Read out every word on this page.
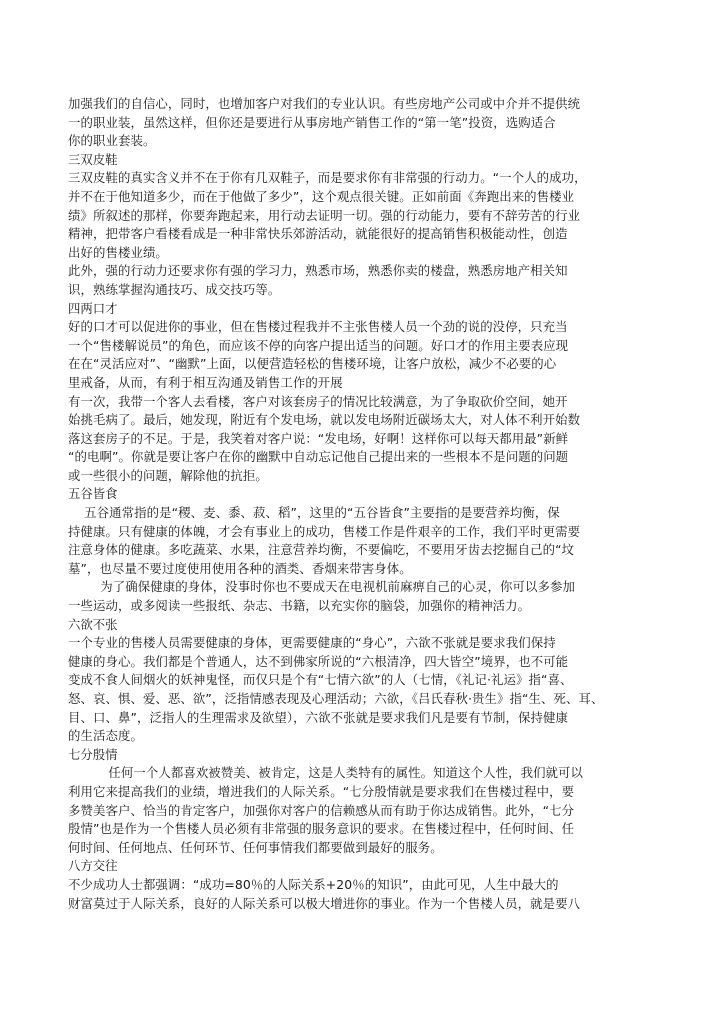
加强我们的自信心，同时，也增加客户对我们的专业认识。有些房地产公司或中介并不提供统
一的职业装，虽然这样，但你还是要进行从事房地产销售工作的“第一笔”投资，选购适合
你的职业套装。
三双皮鞋
三双皮鞋的真实含义并不在于你有几双鞋子，而是要求你有非常强的行动力。“一个人的成功，
并不在于他知道多少，而在于他做了多少”，这个观点很关键。正如前面《奔跑出来的售楼业
绩》所叙述的那样，你要奔跑起来，用行动去证明一切。强的行动能力，要有不辞劳苦的行业
精神，把带客户看楼看成是一种非常快乐郊游活动，就能很好的提高销售积极能动性，创造
出好的售楼业绩。
此外，强的行动力还要求你有强的学习力，熟悉市场，熟悉你卖的楼盘，熟悉房地产相关知
识，熟练掌握沟通技巧、成交技巧等。
四两口才
好的口才可以促进你的事业，但在售楼过程我并不主张售楼人员一个劲的说的没停，只充当
一个“售楼解说员”的角色，而应该不停的向客户提出适当的问题。好口才的作用主要表应现
在在“灵活应对”、“幽默”上面，以便营造轻松的售楼环境，让客户放松，减少不必要的心
里戒备，从而，有利于相互沟通及销售工作的开展
有一次，我带一个客人去看楼，客户对该套房子的情况比较满意，为了争取砍价空间，她开
始挑毛病了。最后，她发现，附近有个发电场，就以发电场附近碳场太大，对人体不利开始数
落这套房子的不足。于是，我笑着对客户说：“发电场，好啊！这样你可以每天都用最”新鲜
“的电啊”。你就是要让客户在你的幽默中自动忘记他自己提出来的一些根本不是问题的问题
或一些很小的问题，解除他的抗拒。
五谷皆食
五谷通常指的是“稷、麦、黍、菽、稻”，这里的“五谷皆食”主要指的是要营养均衡，保
持健康。只有健康的体魄，才会有事业上的成功，售楼工作是件艰辛的工作，我们平时更需要
注意身体的健康。多吃蔬菜、水果，注意营养均衡，不要偏吃，不要用牙齿去挖掘自己的“坟
墓”，也尽量不要过度使用使用各种的酒类、香烟来带害身体。
为了确保健康的身体，没事时你也不要成天在电视机前麻痹自己的心灵，你可以多参加
一些运动，或多阅读一些报纸、杂志、书籍，以充实你的脑袋，加强你的精神活力。
六欲不张
一个专业的售楼人员需要健康的身体，更需要健康的“身心”，六欲不张就是要求我们保持
健康的身心。我们都是个普通人，达不到佛家所说的“六根清净，四大皆空”境界，也不可能
变成不食人间烟火的妖神鬼怪，而仅只是个有“七情六欲”的人（七情，《礼记·礼运》指“喜、
怒、哀、惧、爱、恶、欲”，泛指情感表现及心理活动；六欲，《吕氏春秋·贵生》指“生、死、耳、
目、口、鼻”，泛指人的生理需求及欲望），六欲不张就是要求我们凡是要有节制，保持健康
的生活态度。
七分殷情
任何一个人都喜欢被赞美、被肯定，这是人类特有的属性。知道这个人性，我们就可以
利用它来提高我们的业绩，增进我们的人际关系。“七分殷情就是要求我们在售楼过程中，要
多赞美客户、恰当的肯定客户，加强你对客户的信赖感从而有助于你达成销售。此外，“七分
殷情”也是作为一个售楼人员必须有非常强的服务意识的要求。在售楼过程中，任何时间、任
何时间、任何地点、任何环节、任何事情我们都要做到最好的服务。
八方交往
不少成功人士都强调：“成功=80％的人际关系+20％的知识”，由此可见，人生中最大的
财富莫过于人际关系，良好的人际关系可以极大增进你的事业。作为一个售楼人员，就是要八
